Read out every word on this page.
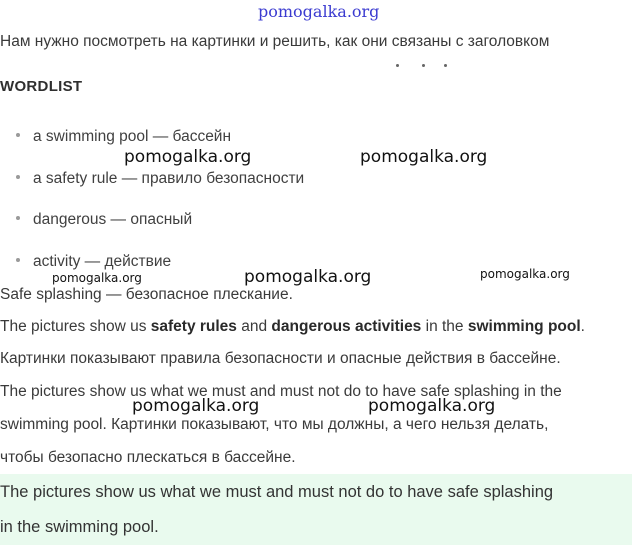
pomogalka.org
Нам нужно посмотреть на картинки и решить, как они связаны с заголовком
WORDLIST
a swimming pool — бассейн
a safety rule — правило безопасности
dangerous — опасный
activity — действие
Safe splashing — безопасное плескание.
The pictures show us safety rules and dangerous activities in the swimming pool.
Картинки показывают правила безопасности и опасные действия в бассейне.
The pictures show us what we must and must not do to have safe splashing in the
swimming pool. Картинки показывают, что мы должны, а чего нельзя делать,
чтобы безопасно плескаться в бассейне.
The pictures show us what we must and must not do to have safe splashing
in the swimming pool.
pomogalka.org	pomogalka.org
pomogalka.org	pomogalka.org	pomogalka.org
pomogalka.org	pomogalka.org
